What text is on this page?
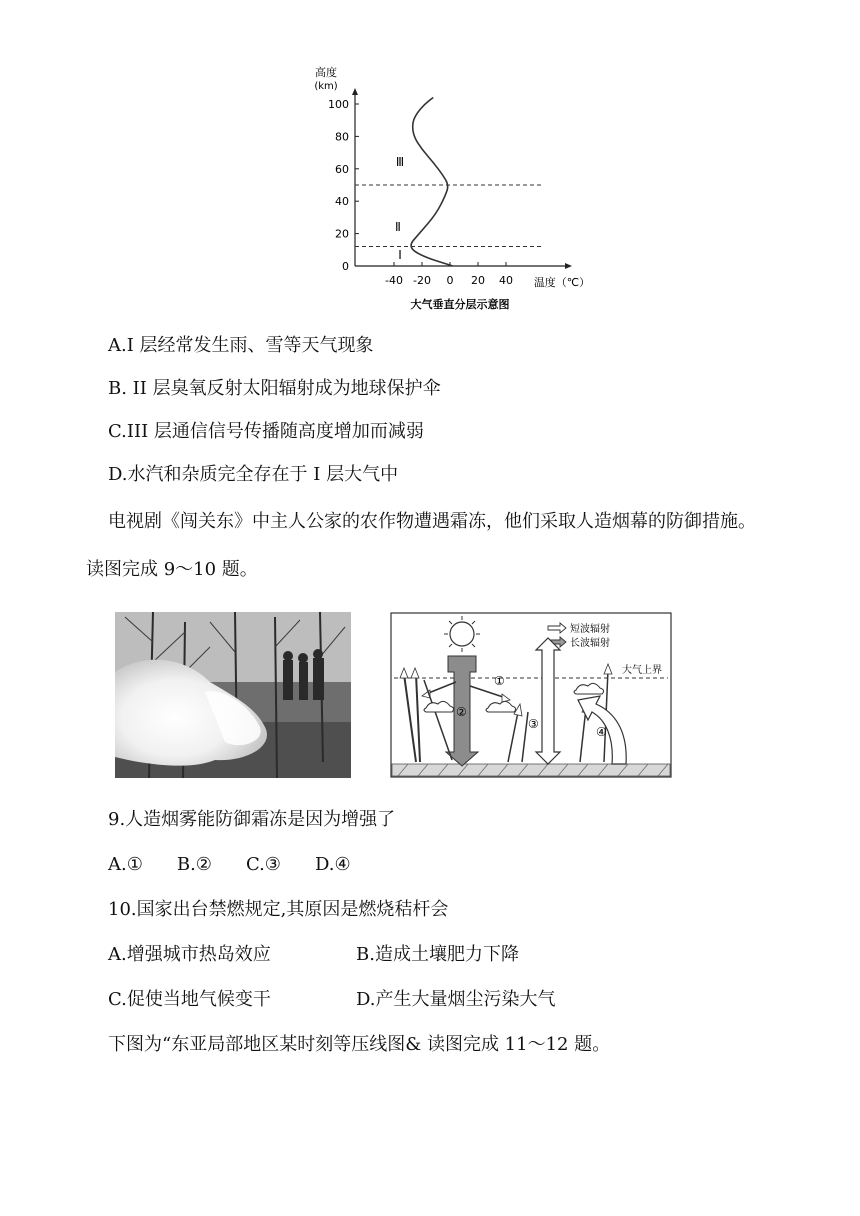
高度
(km)
0
20
40
60
80
100
-40 -20 0 20 40
Ⅰ
Ⅱ
Ⅲ
温度（℃）
大气垂直分层示意图
A.I 层经常发生雨、雪等天气现象
B. II 层臭氧反射太阳辐射成为地球保护伞
C.III 层通信信号传播随高度增加而减弱
D.水汽和杂质完全存在于 I 层大气中
电视剧《闯关东》中主人公家的农作物遭遇霜冻，他们采取人造烟幕的防御措施。
读图完成 9～10 题。
大气上界
短波辐射
长波辐射
①
②
③
④
9.人造烟雾能防御霜冻是因为增强了
A.① B.② C.③ D.④
10.国家出台禁燃规定,其原因是燃烧秸杆会
A.增强城市热岛效应	B.造成土壤肥力下降
C.促使当地气候变干	D.产生大量烟尘污染大气
下图为“东亚局部地区某时刻等压线图& 读图完成 11～12 题。
